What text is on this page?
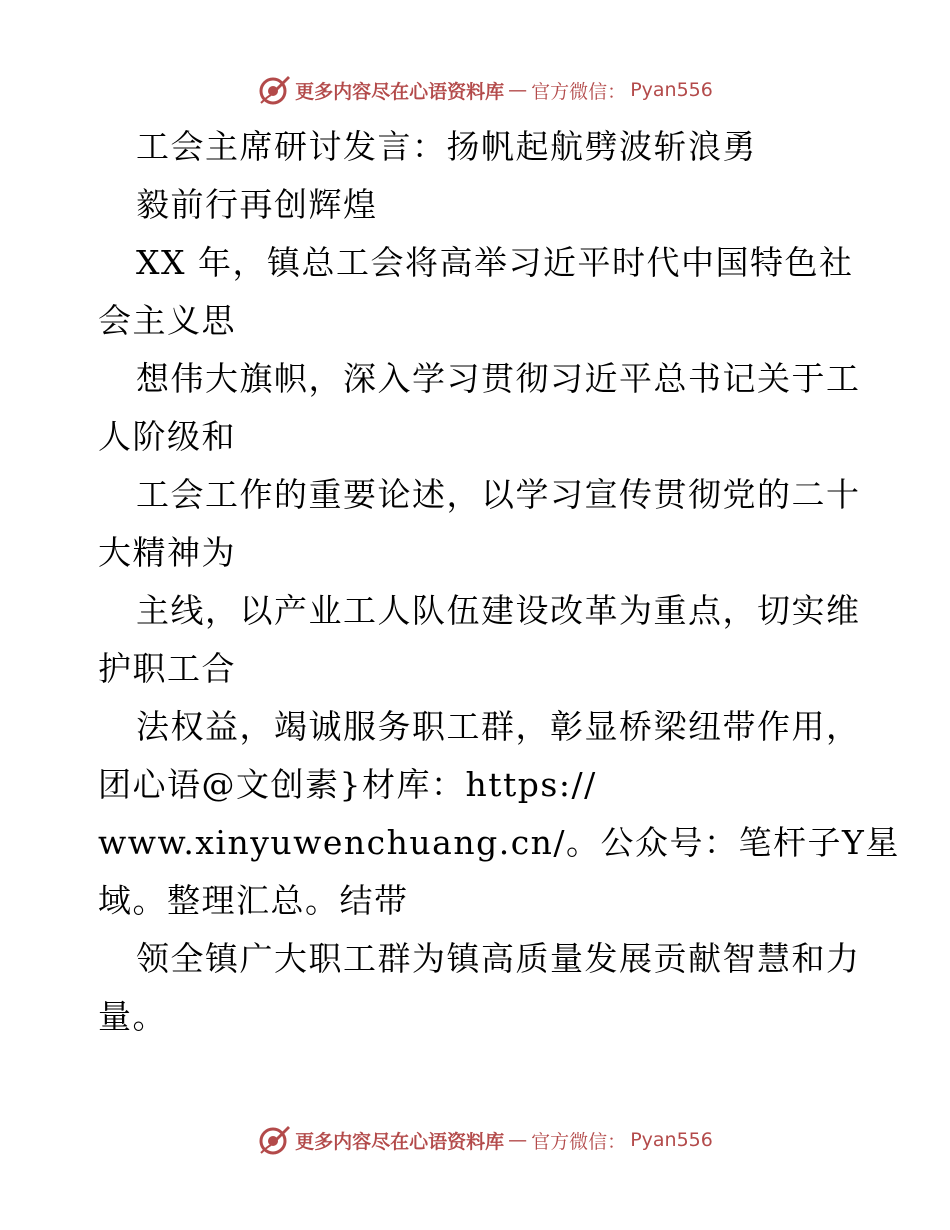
更多内容尽在心语资料库 — 官方微信： Pyan556
工会主席研讨发言：扬帆起航劈波斩浪勇
毅前行再创辉煌
XX 年，镇总工会将高举习近平时代中国特色社
会主义思
想伟大旗帜，深入学习贯彻习近平总书记关于工
人阶级和
工会工作的重要论述，以学习宣传贯彻党的二十
大精神为
主线，以产业工人队伍建设改革为重点，切实维
护职工合
法权益，竭诚服务职工群，彰显桥梁纽带作用，
团心语@文创素}材库：https://
www.xinyuwenchuang.cn/。公众号：笔杆子Y星
域。整理汇总。结带
领全镇广大职工群为镇高质量发展贡献智慧和力
量。
更多内容尽在心语资料库 — 官方微信： Pyan556
